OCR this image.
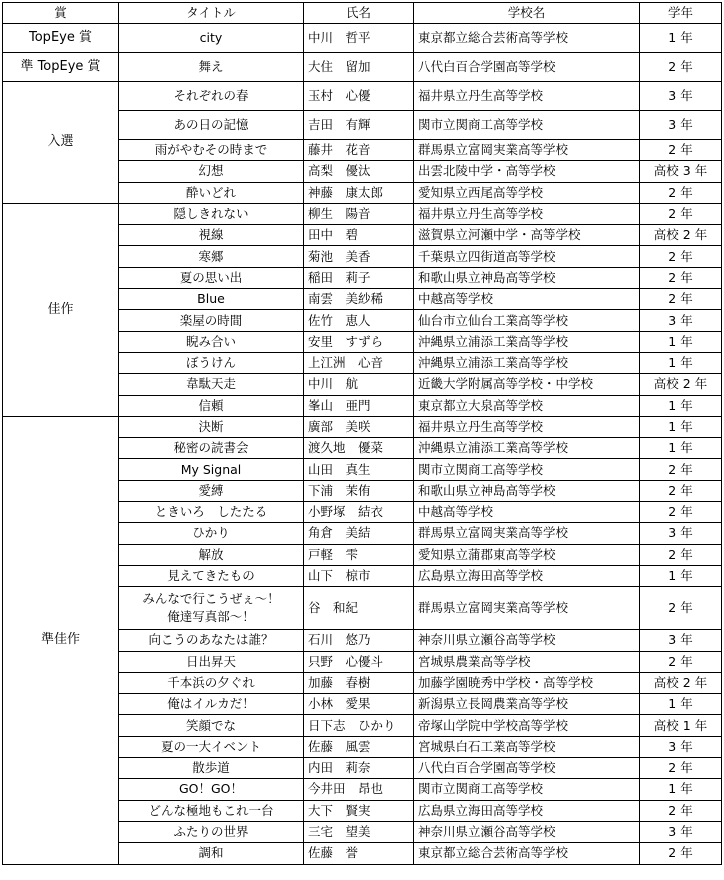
賞	タイトル	氏名	学校名	学年
TopEye 賞	city	中川　哲平	東京都立総合芸術高等学校	1 年
準 TopEye 賞	舞え	大住　留加	八代白百合学園高等学校	2 年
入選	それぞれの春	玉村　心優	福井県立丹生高等学校	3 年
	あの日の記憶	吉田　有輝	関市立関商工高等学校	3 年
	雨がやむその時まで	藤井　花音	群馬県立富岡実業高等学校	2 年
	幻想	高梨　優汰	出雲北陵中学・高等学校	高校 3 年
	酔いどれ	神藤　康太郎	愛知県立西尾高等学校	2 年
佳作	隠しきれない	柳生　陽音	福井県立丹生高等学校	2 年
	視線	田中　碧	滋賀県立河瀬中学・高等学校	高校 2 年
	寒郷	菊池　美香	千葉県立四街道高等学校	2 年
	夏の思い出	稲田　莉子	和歌山県立神島高等学校	2 年
	Blue	南雲　美紗稀	中越高等学校	2 年
	楽屋の時間	佐竹　恵人	仙台市立仙台工業高等学校	3 年
	睨み合い	安里　すずら	沖縄県立浦添工業高等学校	1 年
	ぼうけん	上江洲　心音	沖縄県立浦添工業高等学校	1 年
	韋駄天走	中川　航	近畿大学附属高等学校・中学校	高校 2 年
	信頼	峯山　亜門	東京都立大泉高等学校	1 年
準佳作	決断	廣部　美咲	福井県立丹生高等学校	1 年
	秘密の読書会	渡久地　優菜	沖縄県立浦添工業高等学校	1 年
	My Signal	山田　真生	関市立関商工高等学校	2 年
	愛縛	下浦　茉侑	和歌山県立神島高等学校	2 年
	ときいろ　したたる	小野塚　結衣	中越高等学校	2 年
	ひかり	角倉　美結	群馬県立富岡実業高等学校	3 年
	解放	戸軽　雫	愛知県立蒲郡東高等学校	2 年
	見えてきたもの	山下　椋市	広島県立海田高等学校	1 年
	みんなで行こうぜぇ～！
俺達写真部～！	谷　和紀	群馬県立富岡実業高等学校	2 年
	向こうのあなたは誰？	石川　悠乃	神奈川県立瀬谷高等学校	3 年
	日出昇天	只野　心優斗	宮城県農業高等学校	2 年
	千本浜の夕ぐれ	加藤　春樹	加藤学園暁秀中学校・高等学校	高校 2 年
	俺はイルカだ！	小林　愛果	新潟県立長岡農業高等学校	1 年
	笑顔でな	日下志　ひかり	帝塚山学院中学校高等学校	高校 1 年
	夏の一大イベント	佐藤　風雲	宮城県白石工業高等学校	3 年
	散歩道	内田　莉奈	八代白百合学園高等学校	2 年
	GO！GO！	今井田　昂也	関市立関商工高等学校	1 年
	どんな極地もこれ一台	大下　賢実	広島県立海田高等学校	2 年
	ふたりの世界	三宅　望美	神奈川県立瀬谷高等学校	3 年
	調和	佐藤　誉	東京都立総合芸術高等学校	2 年
